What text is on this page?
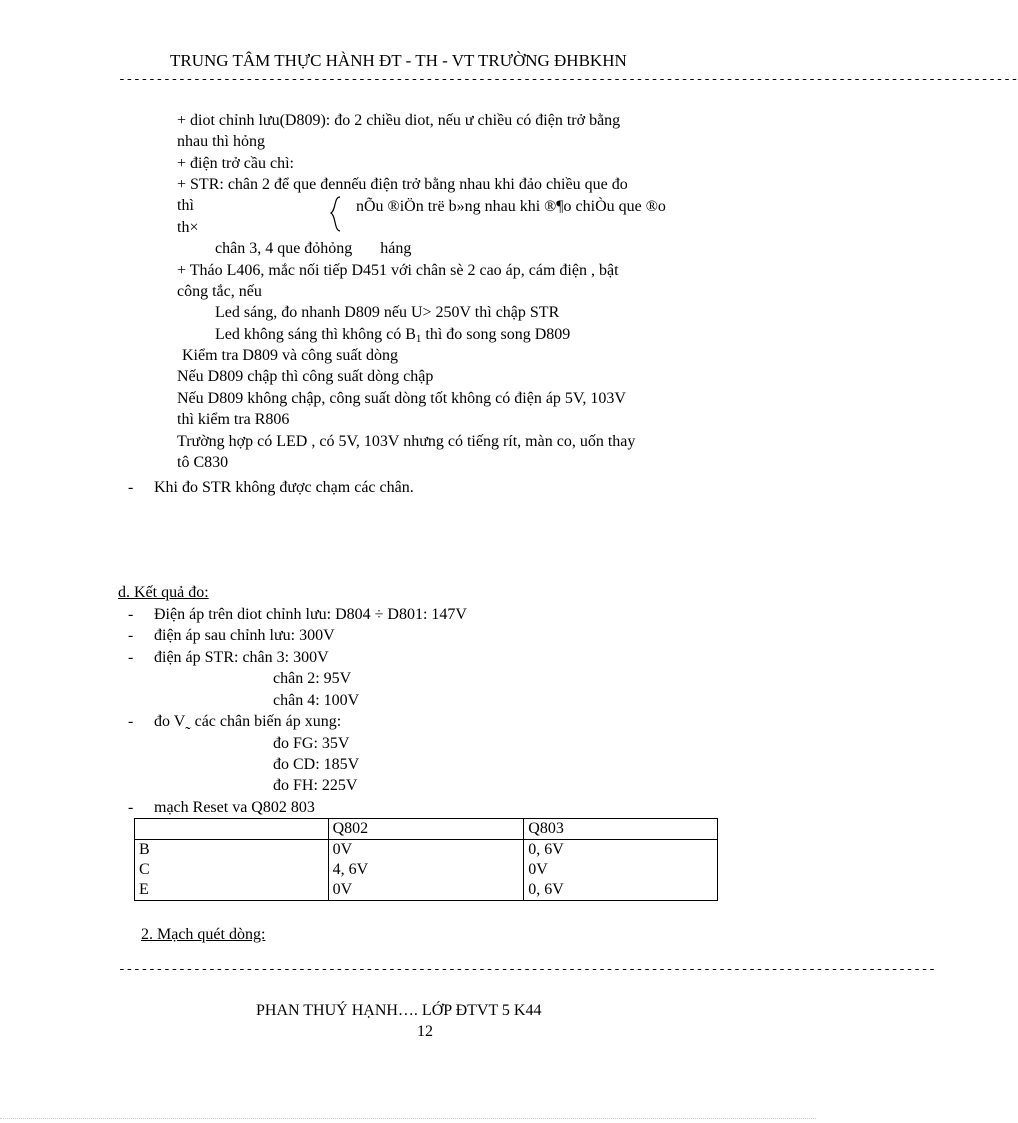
TRUNG TÂM THỰC HÀNH ĐT - TH - VT TRƯỜNG ĐHBKHN
------------------------------------------------------------------------------------------------------------------------
+ diot chỉnh lưu(D809): đo 2 chiều diot, nếu ư chiều có điện trở bằng
nhau thì hỏng
+ điện trở cầu chì:
+ STR: chân 2 để que đennếu điện trở bằng nhau khi đảo chiều que đo
thì	nÕu ®iÖn trë b»ng nhau khi ®¶o chiÒu que ®o
th×
chân 3, 4 que đỏhỏng       háng
+ Tháo L406, mắc nối tiếp D451 với chân sè 2 cao áp, cám điện , bật
công tắc, nếu
Led sáng, đo nhanh D809 nếu U> 250V thì chập STR
Led không sáng thì không có $B_1$ thì đo song song D809
Kiểm tra D809 và công suất dòng
Nếu D809 chập thì công suất dòng chập
Nếu D809 không chập, công suất dòng tốt không có điện áp 5V, 103V
thì kiểm tra R806
Trường hợp có LED , có 5V, 103V nhưng có tiếng rít, màn co, uốn thay
tô C830
- Khi đo STR không được chạm các chân.
d. Kết quả đo:
- Điện áp trên diot chỉnh lưu: D804 ÷ D801: 147V
- điện áp sau chỉnh lưu: 300V
- điện áp STR: chân 3: 300V
chân 2: 95V
chân 4: 100V
- đo V˷ các chân biến áp xung:
đo FG: 35V
đo CD: 185V
đo FH: 225V
- mạch Reset va Q802 803
	Q802	Q803
B	0V	0, 6V
C	4, 6V	0V
E	0V	0, 6V
2. Mạch quét dòng:
-------------------------------------------------------------------------------------------------------------
PHAN THUÝ HẠNH…. LỚP ĐTVT 5 K44
12
